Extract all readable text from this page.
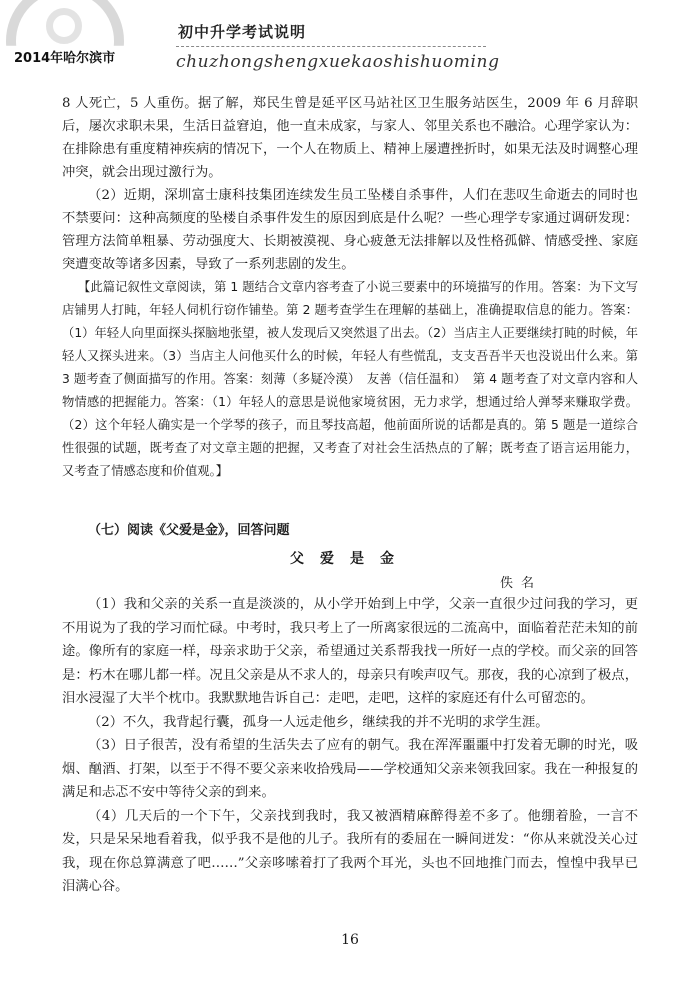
初中升学考试说明
2014年哈尔滨市	chuzhongshengxuekaoshishuoming

8 人死亡，5 人重伤。据了解，郑民生曾是延平区马站社区卫生服务站医生，2009 年 6 月辞职后，屡次求职未果，生活日益窘迫，他一直未成家，与家人、邻里关系也不融洽。心理学家认为：在排除患有重度精神疾病的情况下，一个人在物质上、精神上屡遭挫折时，如果无法及时调整心理冲突，就会出现过激行为。

（2）近期，深圳富士康科技集团连续发生员工坠楼自杀事件，人们在悲叹生命逝去的同时也不禁要问：这种高频度的坠楼自杀事件发生的原因到底是什么呢？一些心理学专家通过调研发现：管理方法简单粗暴、劳动强度大、长期被漠视、身心疲惫无法排解以及性格孤僻、情感受挫、家庭突遭变故等诸多因素，导致了一系列悲剧的发生。

【此篇记叙性文章阅读，第 1 题结合文章内容考查了小说三要素中的环境描写的作用。答案：为下文写店铺男人打盹，年轻人伺机行窃作铺垫。第 2 题考查学生在理解的基础上，准确提取信息的能力。答案：（1）年轻人向里面探头探脑地张望，被人发现后又突然退了出去。（2）当店主人正要继续打盹的时候，年轻人又探头进来。（3）当店主人问他买什么的时候，年轻人有些慌乱，支支吾吾半天也没说出什么来。第 3 题考查了侧面描写的作用。答案：刻薄（多疑冷漠）　友善（信任温和）　第 4 题考查了对文章内容和人物情感的把握能力。答案：（1）年轻人的意思是说他家境贫困，无力求学，想通过给人弹琴来赚取学费。（2）这个年轻人确实是一个学琴的孩子，而且琴技高超，他前面所说的话都是真的。第 5 题是一道综合性很强的试题，既考查了对文章主题的把握，又考查了对社会生活热点的了解；既考查了语言运用能力，又考查了情感态度和价值观。】

（七）阅读《父爱是金》，回答问题
父爱是金
佚名

（1）我和父亲的关系一直是淡淡的，从小学开始到上中学，父亲一直很少过问我的学习，更不用说为了我的学习而忙碌。中考时，我只考上了一所离家很远的二流高中，面临着茫茫未知的前途。像所有的家庭一样，母亲求助于父亲，希望通过关系帮我找一所好一点的学校。而父亲的回答是：朽木在哪儿都一样。况且父亲是从不求人的，母亲只有唉声叹气。那夜，我的心凉到了极点，泪水浸湿了大半个枕巾。我默默地告诉自己：走吧，走吧，这样的家庭还有什么可留恋的。

（2）不久，我背起行囊，孤身一人远走他乡，继续我的并不光明的求学生涯。

（3）日子很苦，没有希望的生活失去了应有的朝气。我在浑浑噩噩中打发着无聊的时光，吸烟、酗酒、打架，以至于不得不要父亲来收拾残局——学校通知父亲来领我回家。我在一种报复的满足和忐忑不安中等待父亲的到来。

（4）几天后的一个下午，父亲找到我时，我又被酒精麻醉得差不多了。他绷着脸，一言不发，只是呆呆地看着我，似乎我不是他的儿子。我所有的委屈在一瞬间迸发：“你从来就没关心过我，现在你总算满意了吧……”父亲哆嗦着打了我两个耳光，头也不回地推门而去，惶惶中我早已泪满心谷。

16
